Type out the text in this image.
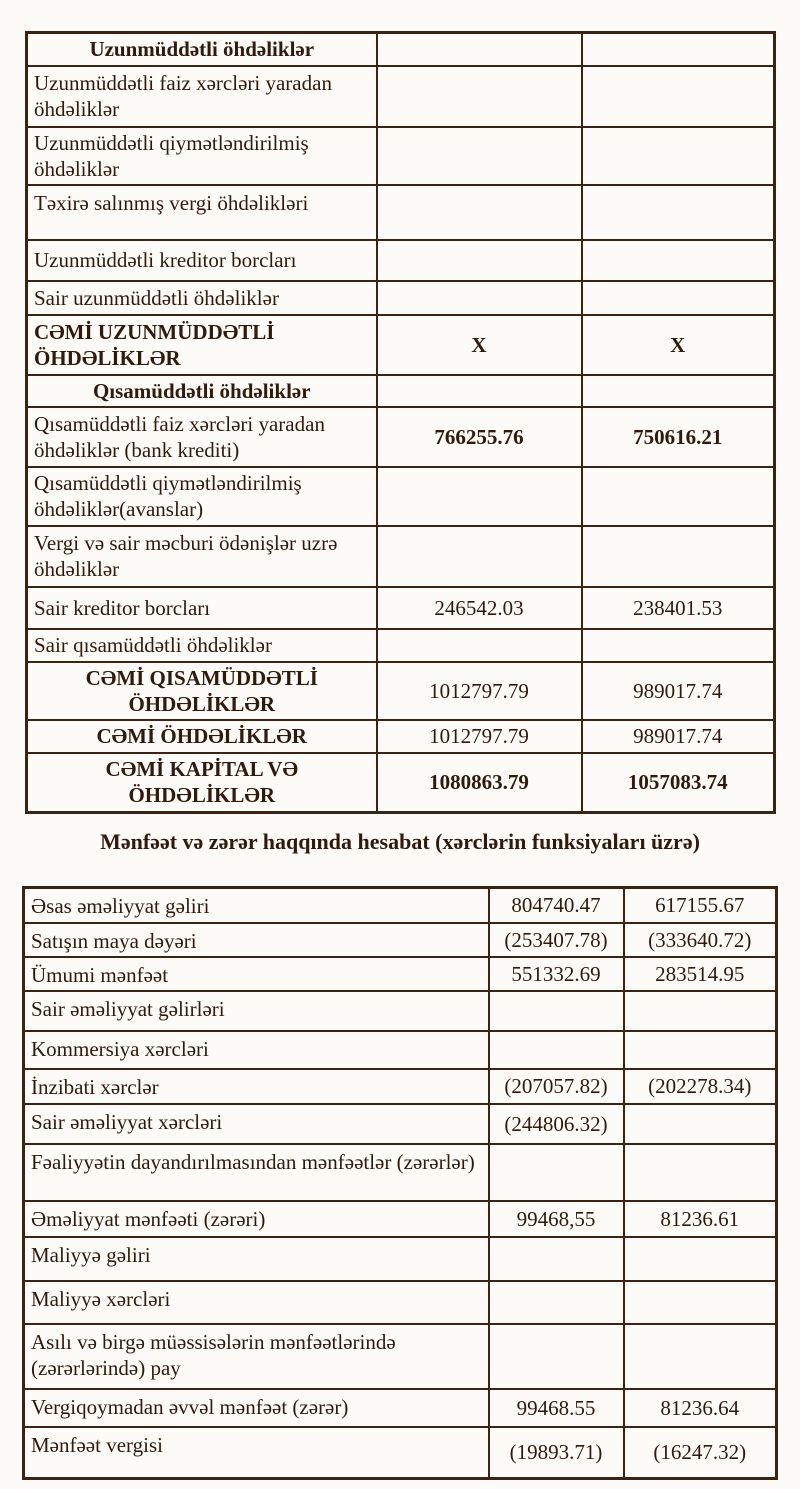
Uzunmüddətli öhdəliklər		
Uzunmüddətli faiz xərcləri yaradan öhdəliklər		
Uzunmüddətli qiymətləndirilmiş öhdəliklər		
Təxirə salınmış vergi öhdəlikləri		
Uzunmüddətli kreditor borcları		
Sair uzunmüddətli öhdəliklər		
CƏMİ UZUNMÜDDƏTLİ ÖHDƏLİKLƏR	X	X
Qısamüddətli öhdəliklər		
Qısamüddətli faiz xərcləri yaradan öhdəliklər (bank krediti)	766255.76	750616.21
Qısamüddətli qiymətləndirilmiş öhdəliklər(avanslar)		
Vergi və sair məcburi ödənişlər uzrə öhdəliklər		
Sair kreditor borcları	246542.03	238401.53
Sair qısamüddətli öhdəliklər		
CƏMİ QISAMÜDDƏTLİ ÖHDƏLİKLƏR	1012797.79	989017.74
CƏMİ ÖHDƏLİKLƏR	1012797.79	989017.74
CƏMİ KAPİTAL VƏ ÖHDƏLİKLƏR	1080863.79	1057083.74
Mənfəət və zərər haqqında hesabat (xərclərin funksiyaları üzrə)
Əsas əməliyyat gəliri	804740.47	617155.67
Satışın maya dəyəri	(253407.78)	(333640.72)
Ümumi mənfəət	551332.69	283514.95
Sair əməliyyat gəlirləri		
Kommersiya xərcləri		
İnzibati xərclər	(207057.82)	(202278.34)
Sair əməliyyat xərcləri	(244806.32)	
Fəaliyyətin dayandırılmasından mənfəətlər (zərərlər)		
Əməliyyat mənfəəti (zərəri)	99468,55	81236.61
Maliyyə gəliri		
Maliyyə xərcləri		
Asılı və birgə müəssisələrin mənfəətlərində (zərərlərində) pay		
Vergiqoymadan əvvəl mənfəət (zərər)	99468.55	81236.64
Mənfəət vergisi	(19893.71)	(16247.32)
